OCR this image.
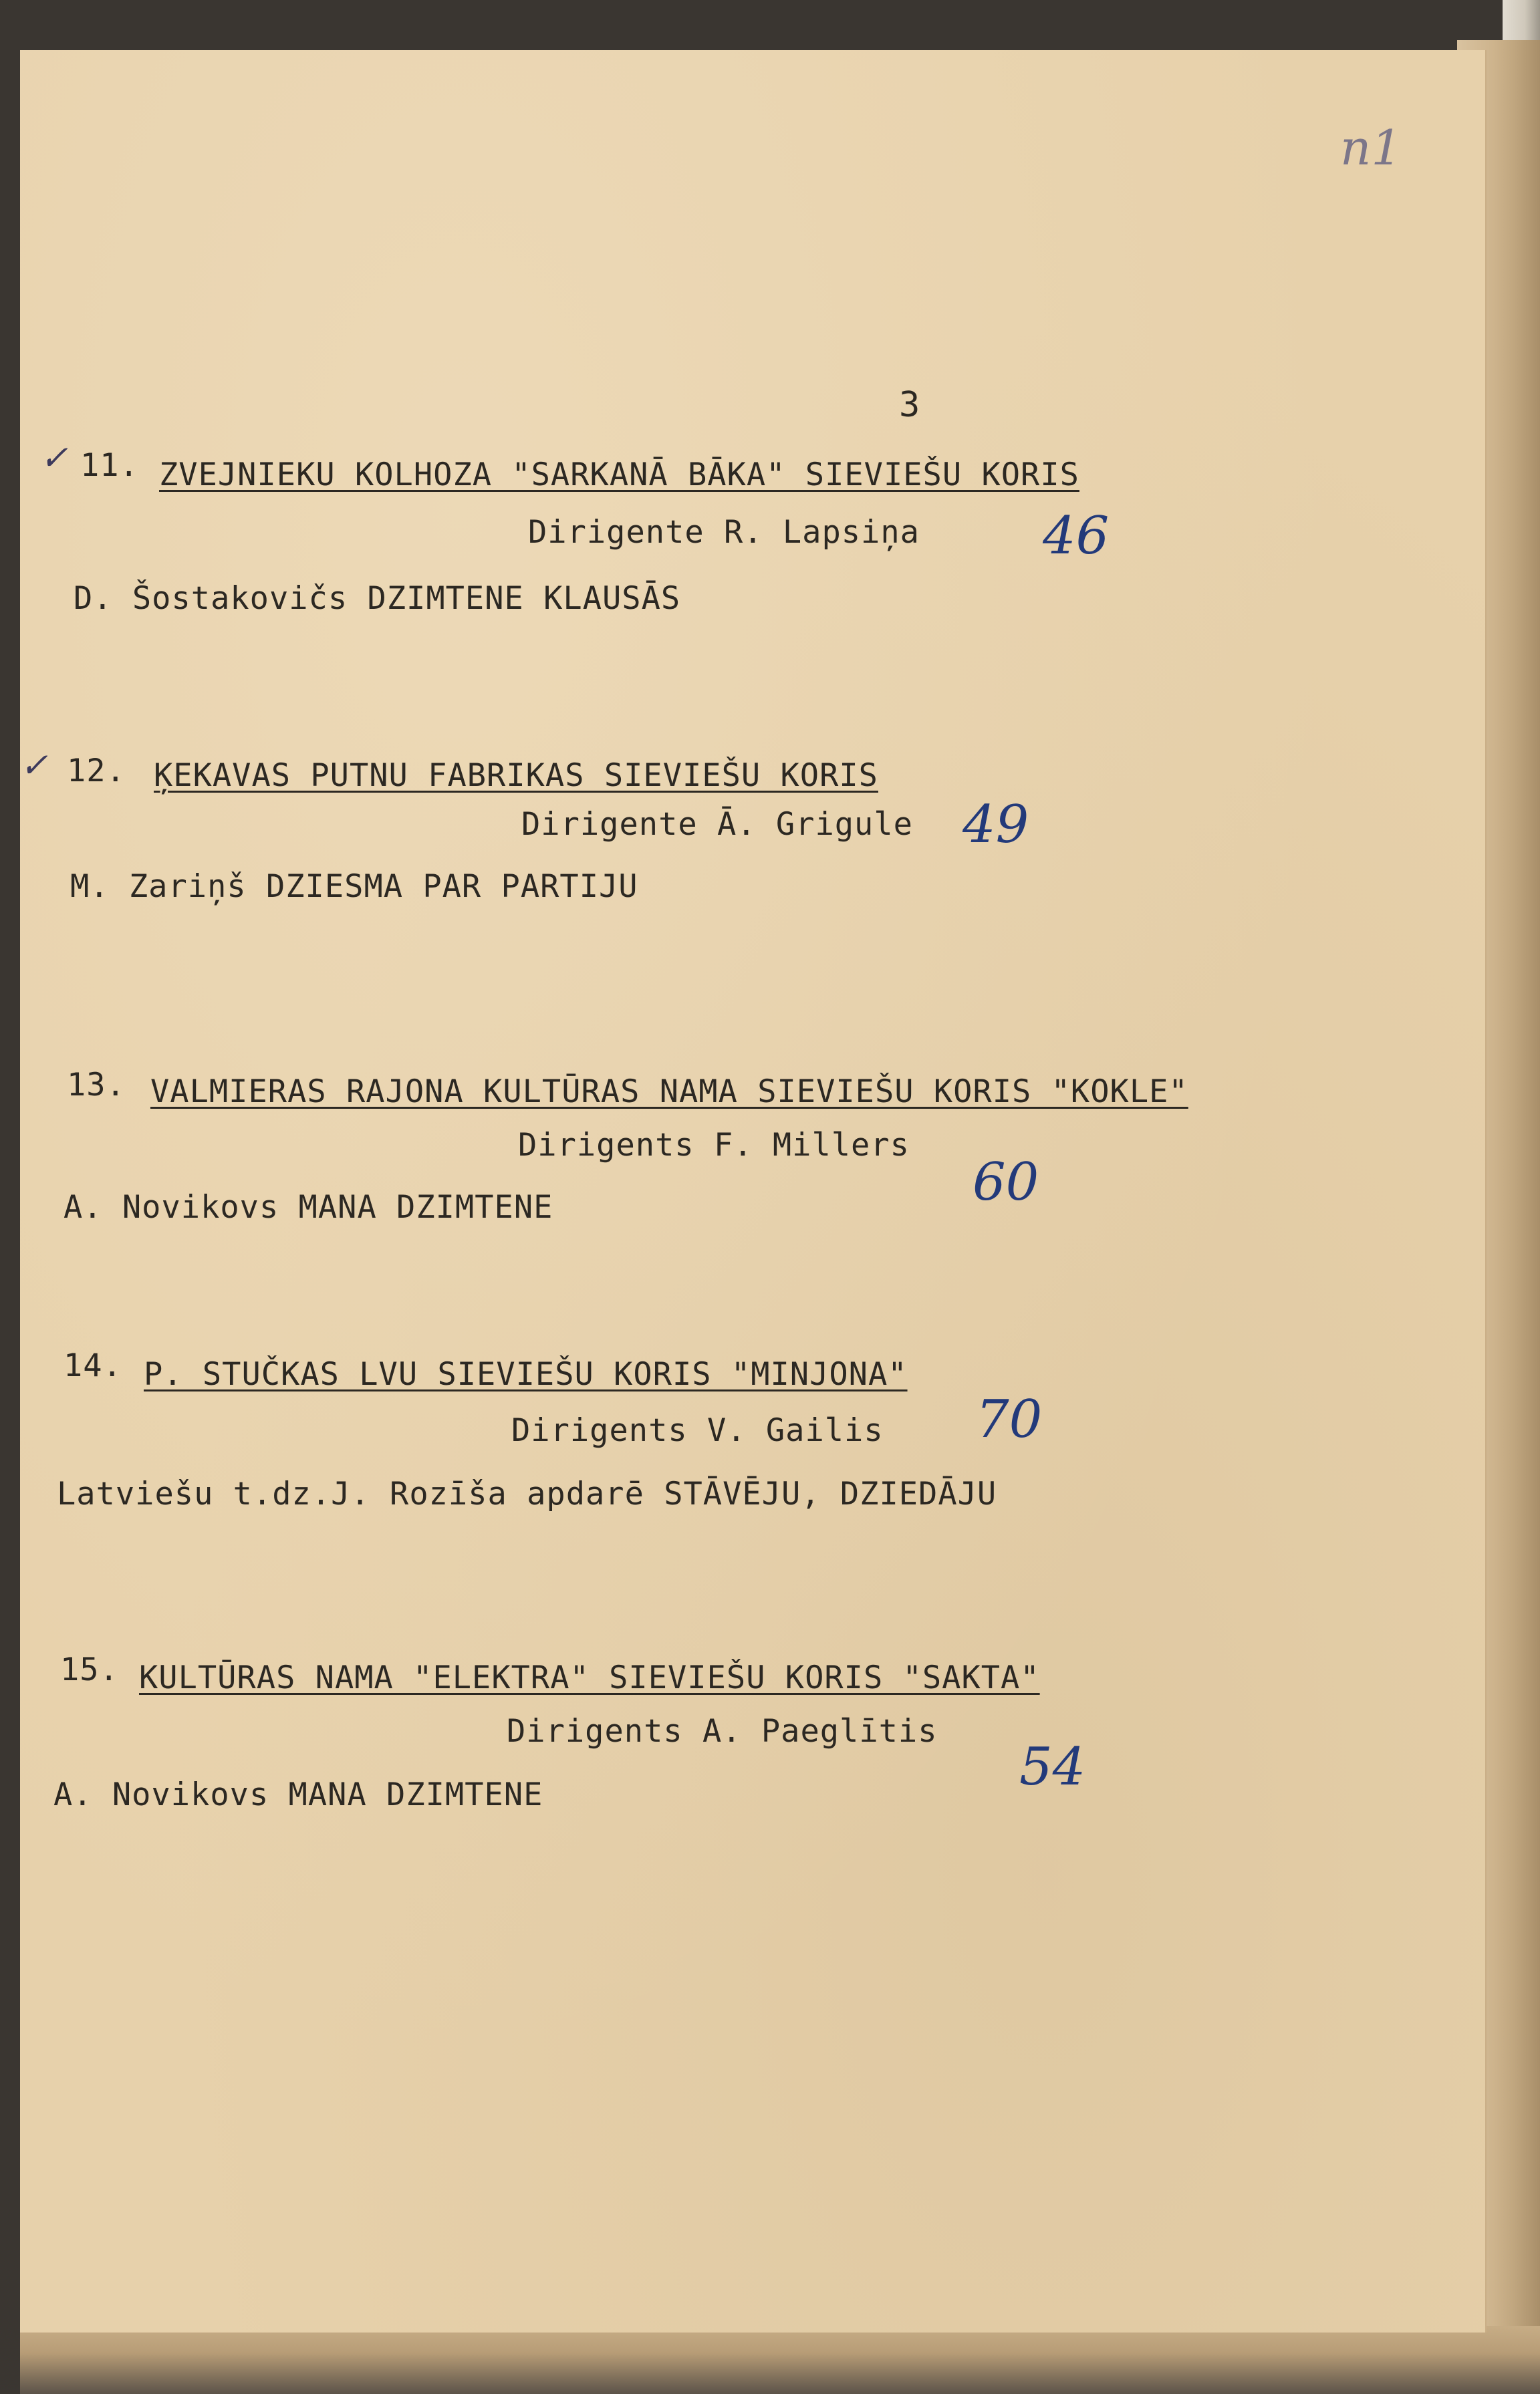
n1

3

✓ 11. ZVEJNIEKU KOLHOZA "SARKANĀ BĀKA" SIEVIEŠU KORIS

Dirigente R. Lapsiņa

D. Šostakovičs DZIMTENE KLAUSĀS

46

✓ 12. ĶEKAVAS PUTNU FABRIKAS SIEVIEŠU KORIS

Dirigente Ā. Grigule

M. Zariņš DZIESMA PAR PARTIJU

49

13. VALMIERAS RAJONA KULTŪRAS NAMA SIEVIEŠU KORIS "KOKLE"

Dirigents F. Millers

A. Novikovs MANA DZIMTENE	60

14. P. STUČKAS LVU SIEVIEŠU KORIS "MINJONA"

Dirigents V. Gailis

Latviešu t.dz.J. Rozīša apdarē STĀVĒJU, DZIEDĀJU

70

15. KULTŪRAS NAMA "ELEKTRA" SIEVIEŠU KORIS "SAKTA"

Dirigents A. Paeglītis

A. Novikovs MANA DZIMTENE	54
